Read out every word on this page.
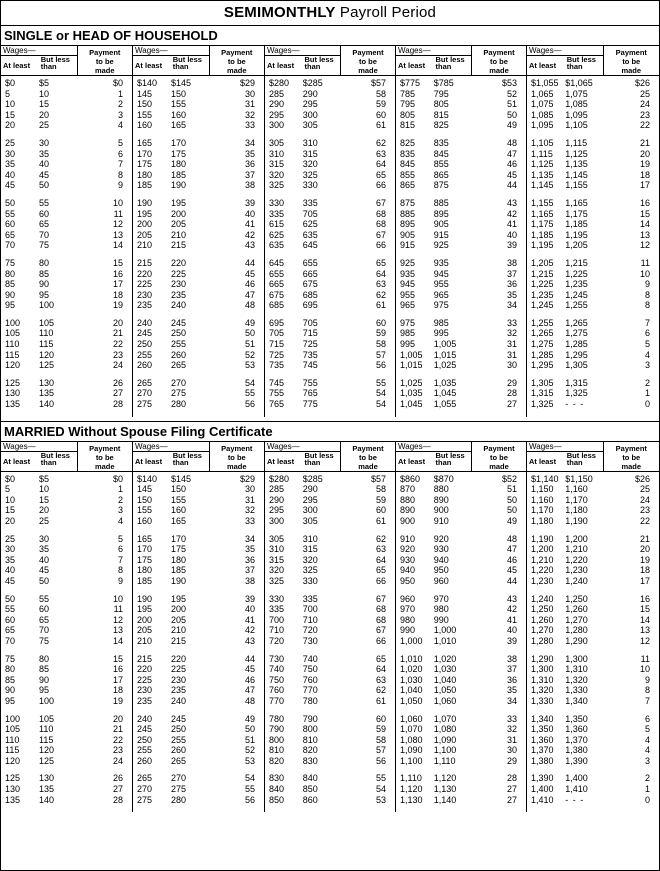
SEMIMONTHLY Payroll Period
SINGLE or HEAD OF HOUSEHOLD
Wages—
At least
But less
than
Payment
to be
made
$0	$5	$0
5	10	1
10	15	2
15	20	3
20	25	4
25	30	5
30	35	6
35	40	7
40	45	8
45	50	9
50	55	10
55	60	11
60	65	12
65	70	13
70	75	14
75	80	15
80	85	16
85	90	17
90	95	18
95	100	19
100	105	20
105	110	21
110	115	22
115	120	23
120	125	24
125	130	26
130	135	27
135	140	28
Wages—
At least
But less
than
Payment
to be
made
$140	$145	$29
145	150	30
150	155	31
155	160	32
160	165	33
165	170	34
170	175	35
175	180	36
180	185	37
185	190	38
190	195	39
195	200	40
200	205	41
205	210	42
210	215	43
215	220	44
220	225	45
225	230	46
230	235	47
235	240	48
240	245	49
245	250	50
250	255	51
255	260	52
260	265	53
265	270	54
270	275	55
275	280	56
Wages—
At least
But less
than
Payment
to be
made
$280	$285	$57
285	290	58
290	295	59
295	300	60
300	305	61
305	310	62
310	315	63
315	320	64
320	325	65
325	330	66
330	335	67
335	705	68
615	625	68
625	635	67
635	645	66
645	655	65
655	665	64
665	675	63
675	685	62
685	695	61
695	705	60
705	715	59
715	725	58
725	735	57
735	745	56
745	755	55
755	765	54
765	775	54
Wages—
At least
But less
than
Payment
to be
made
$775	$785	$53
785	795	52
795	805	51
805	815	50
815	825	49
825	835	48
835	845	47
845	855	46
855	865	45
865	875	44
875	885	43
885	895	42
895	905	41
905	915	40
915	925	39
925	935	38
935	945	37
945	955	36
955	965	35
965	975	34
975	985	33
985	995	32
995	1,005	31
1,005	1,015	31
1,015	1,025	30
1,025	1,035	29
1,035	1,045	28
1,045	1,055	27
Wages—
At least
But less
than
Payment
to be
made
$1,055 $1,065	$26
1,065	1,075	25
1,075	1,085	24
1,085	1,095	23
1,095	1,105	22
1,105	1,115	21
1,115	1,125	20
1,125	1,135	19
1,135	1,145	18
1,145	1,155	17
1,155	1,165	16
1,165	1,175	15
1,175	1,185	14
1,185	1,195	13
1,195	1,205	12
1,205	1,215	11
1,215	1,225	10
1,225	1,235	9
1,235	1,245	8
1,245	1,255	8
1,255	1,265	7
1,265	1,275	6
1,275	1,285	5
1,285	1,295	4
1,295	1,305	3
1,305	1,315	2
1,315	1,325	1
1,325	- - -	0
MARRIED Without Spouse Filing Certificate
Wages—
At least
But less
than
Payment
to be
made
$0	$5	$0
5	10	1
10	15	2
15	20	3
20	25	4
25	30	5
30	35	6
35	40	7
40	45	8
45	50	9
50	55	10
55	60	11
60	65	12
65	70	13
70	75	14
75	80	15
80	85	16
85	90	17
90	95	18
95	100	19
100	105	20
105	110	21
110	115	22
115	120	23
120	125	24
125	130	26
130	135	27
135	140	28
Wages—
At least
But less
than
Payment
to be
made
$140	$145	$29
145	150	30
150	155	31
155	160	32
160	165	33
165	170	34
170	175	35
175	180	36
180	185	37
185	190	38
190	195	39
195	200	40
200	205	41
205	210	42
210	215	43
215	220	44
220	225	45
225	230	46
230	235	47
235	240	48
240	245	49
245	250	50
250	255	51
255	260	52
260	265	53
265	270	54
270	275	55
275	280	56
Wages—
At least
But less
than
Payment
to be
made
$280	$285	$57
285	290	58
290	295	59
295	300	60
300	305	61
305	310	62
310	315	63
315	320	64
320	325	65
325	330	66
330	335	67
335	700	68
700	710	68
710	720	67
720	730	66
730	740	65
740	750	64
750	760	63
760	770	62
770	780	61
780	790	60
790	800	59
800	810	58
810	820	57
820	830	56
830	840	55
840	850	54
850	860	53
Wages—
At least
But less
than
Payment
to be
made
$860	$870	$52
870	880	51
880	890	50
890	900	50
900	910	49
910	920	48
920	930	47
930	940	46
940	950	45
950	960	44
960	970	43
970	980	42
980	990	41
990	1,000	40
1,000	1,010	39
1,010	1,020	38
1,020	1,030	37
1,030	1,040	36
1,040	1,050	35
1,050	1,060	34
1,060	1,070	33
1,070	1,080	32
1,080	1,090	31
1,090	1,100	30
1,100	1,110	29
1,110	1,120	28
1,120	1,130	27
1,130	1,140	27
Wages—
At least
But less
than
Payment
to be
made
$1,140 $1,150	$26
1,150	1,160	25
1,160	1,170	24
1,170	1,180	23
1,180	1,190	22
1,190	1,200	21
1,200	1,210	20
1,210	1,220	19
1,220	1,230	18
1,230	1,240	17
1,240	1,250	16
1,250	1,260	15
1,260	1,270	14
1,270	1,280	13
1,280	1,290	12
1,290	1,300	11
1,300	1,310	10
1,310	1,320	9
1,320	1,330	8
1,330	1,340	7
1,340	1,350	6
1,350	1,360	5
1,360	1,370	4
1,370	1,380	4
1,380	1,390	3
1,390	1,400	2
1,400	1,410	1
1,410	- - -	0
